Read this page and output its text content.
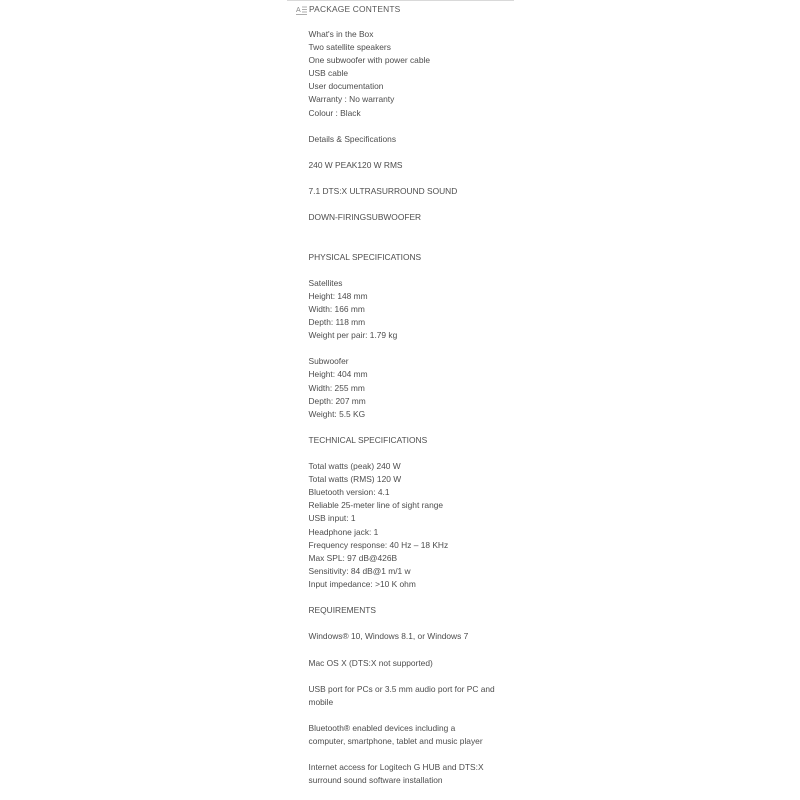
A PACKAGE CONTENTS
What's in the Box
Two satellite speakers
One subwoofer with power cable
USB cable
User documentation
Warranty : No warranty
Colour : Black
Details & Specifications
240 W PEAK120 W RMS
7.1 DTS:X ULTRASURROUND SOUND
DOWN-FIRINGSUBWOOFER
PHYSICAL SPECIFICATIONS
Satellites
Height: 148 mm
Width: 166 mm
Depth: 118 mm
Weight per pair: 1.79 kg
Subwoofer
Height: 404 mm
Width: 255 mm
Depth: 207 mm
Weight: 5.5 KG
TECHNICAL SPECIFICATIONS
Total watts (peak) 240 W
Total watts (RMS) 120 W
Bluetooth version: 4.1
Reliable 25-meter line of sight range
USB input: 1
Headphone jack: 1
Frequency response: 40 Hz – 18 KHz
Max SPL: 97 dB@426B
Sensitivity: 84 dB@1 m/1 w
Input impedance: >10 K ohm
REQUIREMENTS
Windows® 10, Windows 8.1, or Windows 7
Mac OS X (DTS:X not supported)
USB port for PCs or 3.5 mm audio port for PC and
mobile
Bluetooth® enabled devices including a
computer, smartphone, tablet and music player
Internet access for Logitech G HUB and DTS:X
surround sound software installation
